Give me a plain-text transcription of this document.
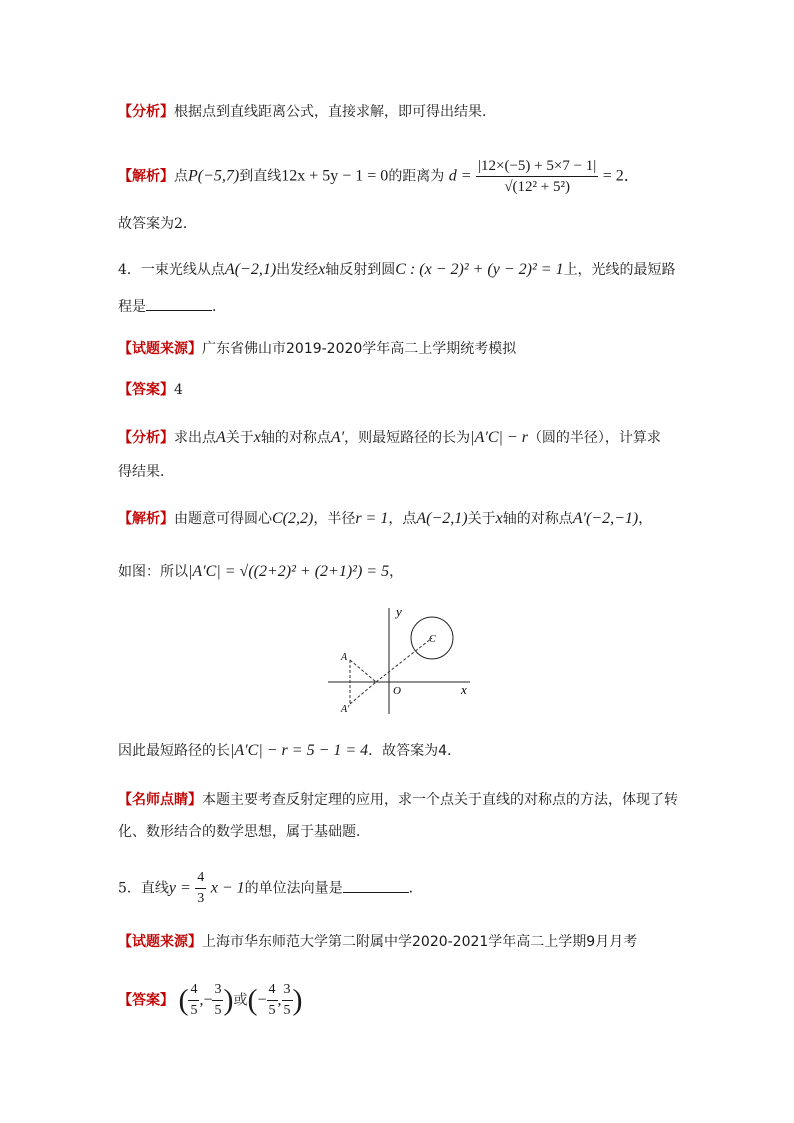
【分析】根据点到直线距离公式，直接求解，即可得出结果．
【解析】点P(−5,7)到直线12x + 5y − 1 = 0的距离为 $d = \frac{|12\times(-5) + 5\times 7 - 1|}{\text{√(12² + 5²)}} = 2$．
故答案为2．
4．一束光线从点A(−2,1)出发经x轴反射到圆C : (x − 2)² + (y − 2)² = 1上，光线的最短路
程是	．
【试题来源】广东省佛山市2019-2020学年高二上学期统考模拟
【答案】4
【分析】求出点A关于x轴的对称点A′，则最短路径的长为|A′C| − r（圆的半径），计算求
得结果．
【解析】由题意可得圆心C(2,2)，半径r = 1，点A(−2,1)关于x轴的对称点A′(−2,−1)，
如图：所以|A′C| = √((2+2)² + (2+1)²) = 5，
y
x
O
C
A
A′
因此最短路径的长|A′C| − r = 5 − 1 = 4．故答案为4．
【名师点睛】本题主要考查反射定理的应用，求一个点关于直线的对称点的方法，体现了转
化、数形结合的数学思想，属于基础题．
5．直线$y = \frac{4}{3}$ x − 1的单位法向量是	．
【试题来源】上海市华东师范大学第二附属中学2020-2021学年高二上学期9月月考
【答案】 ( $\frac{4}{5}$ ,− $\frac{3}{5}$ )或(− $\frac{4}{5}$ , $\frac{3}{5}$ )
